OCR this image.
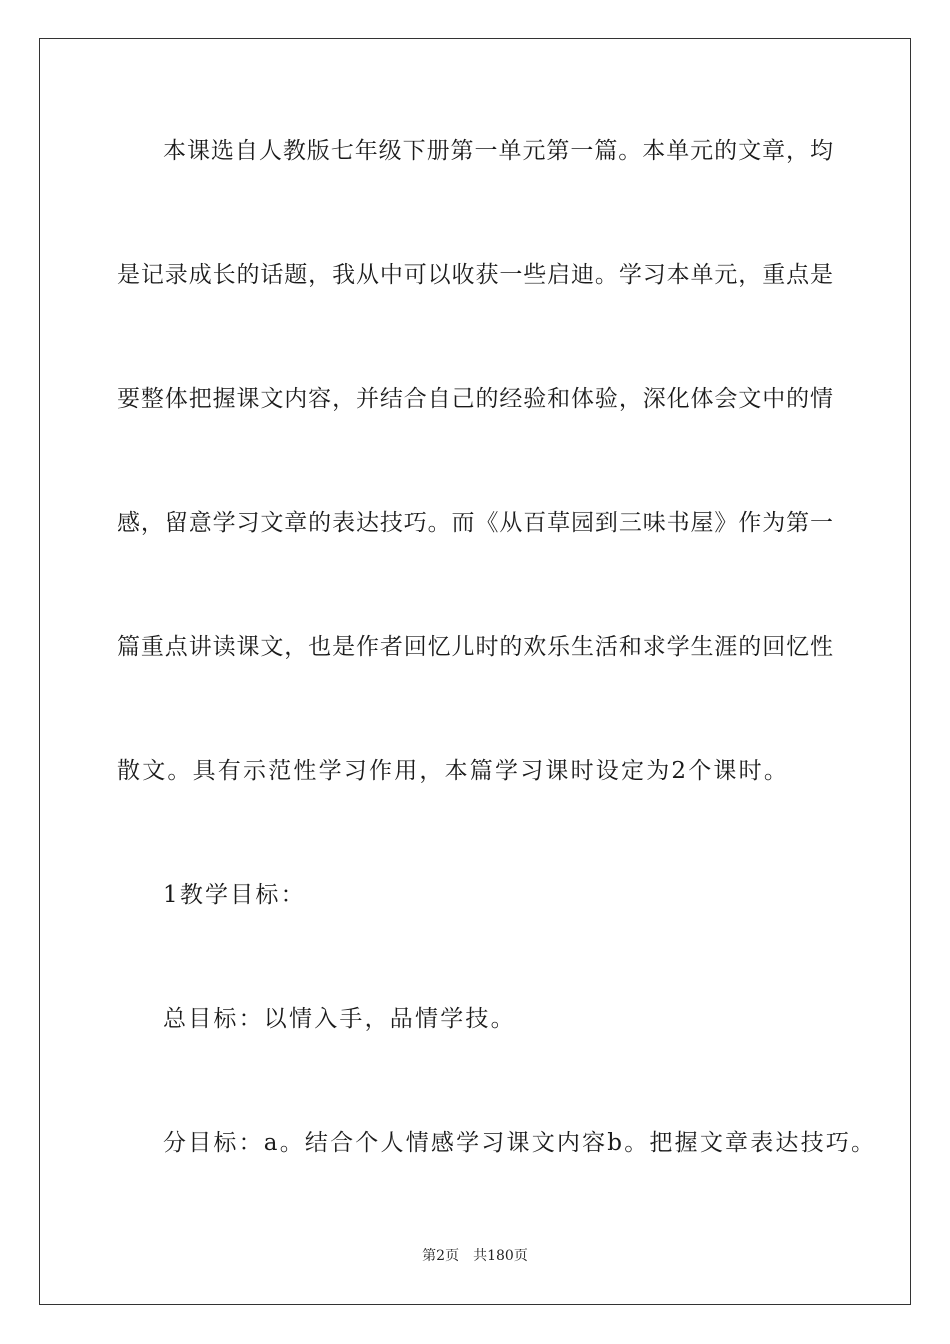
本课选自人教版七年级下册第一单元第一篇。本单元的文章，均
是记录成长的话题，我从中可以收获一些启迪。学习本单元，重点是
要整体把握课文内容，并结合自己的经验和体验，深化体会文中的情
感，留意学习文章的表达技巧。而《从百草园到三味书屋》作为第一
篇重点讲读课文，也是作者回忆儿时的欢乐生活和求学生涯的回忆性
散文。具有示范性学习作用，本篇学习课时设定为2个课时。
1教学目标：
总目标：以情入手，品情学技。
分目标：a。结合个人情感学习课文内容b。把握文章表达技巧。
第2页 共180页
